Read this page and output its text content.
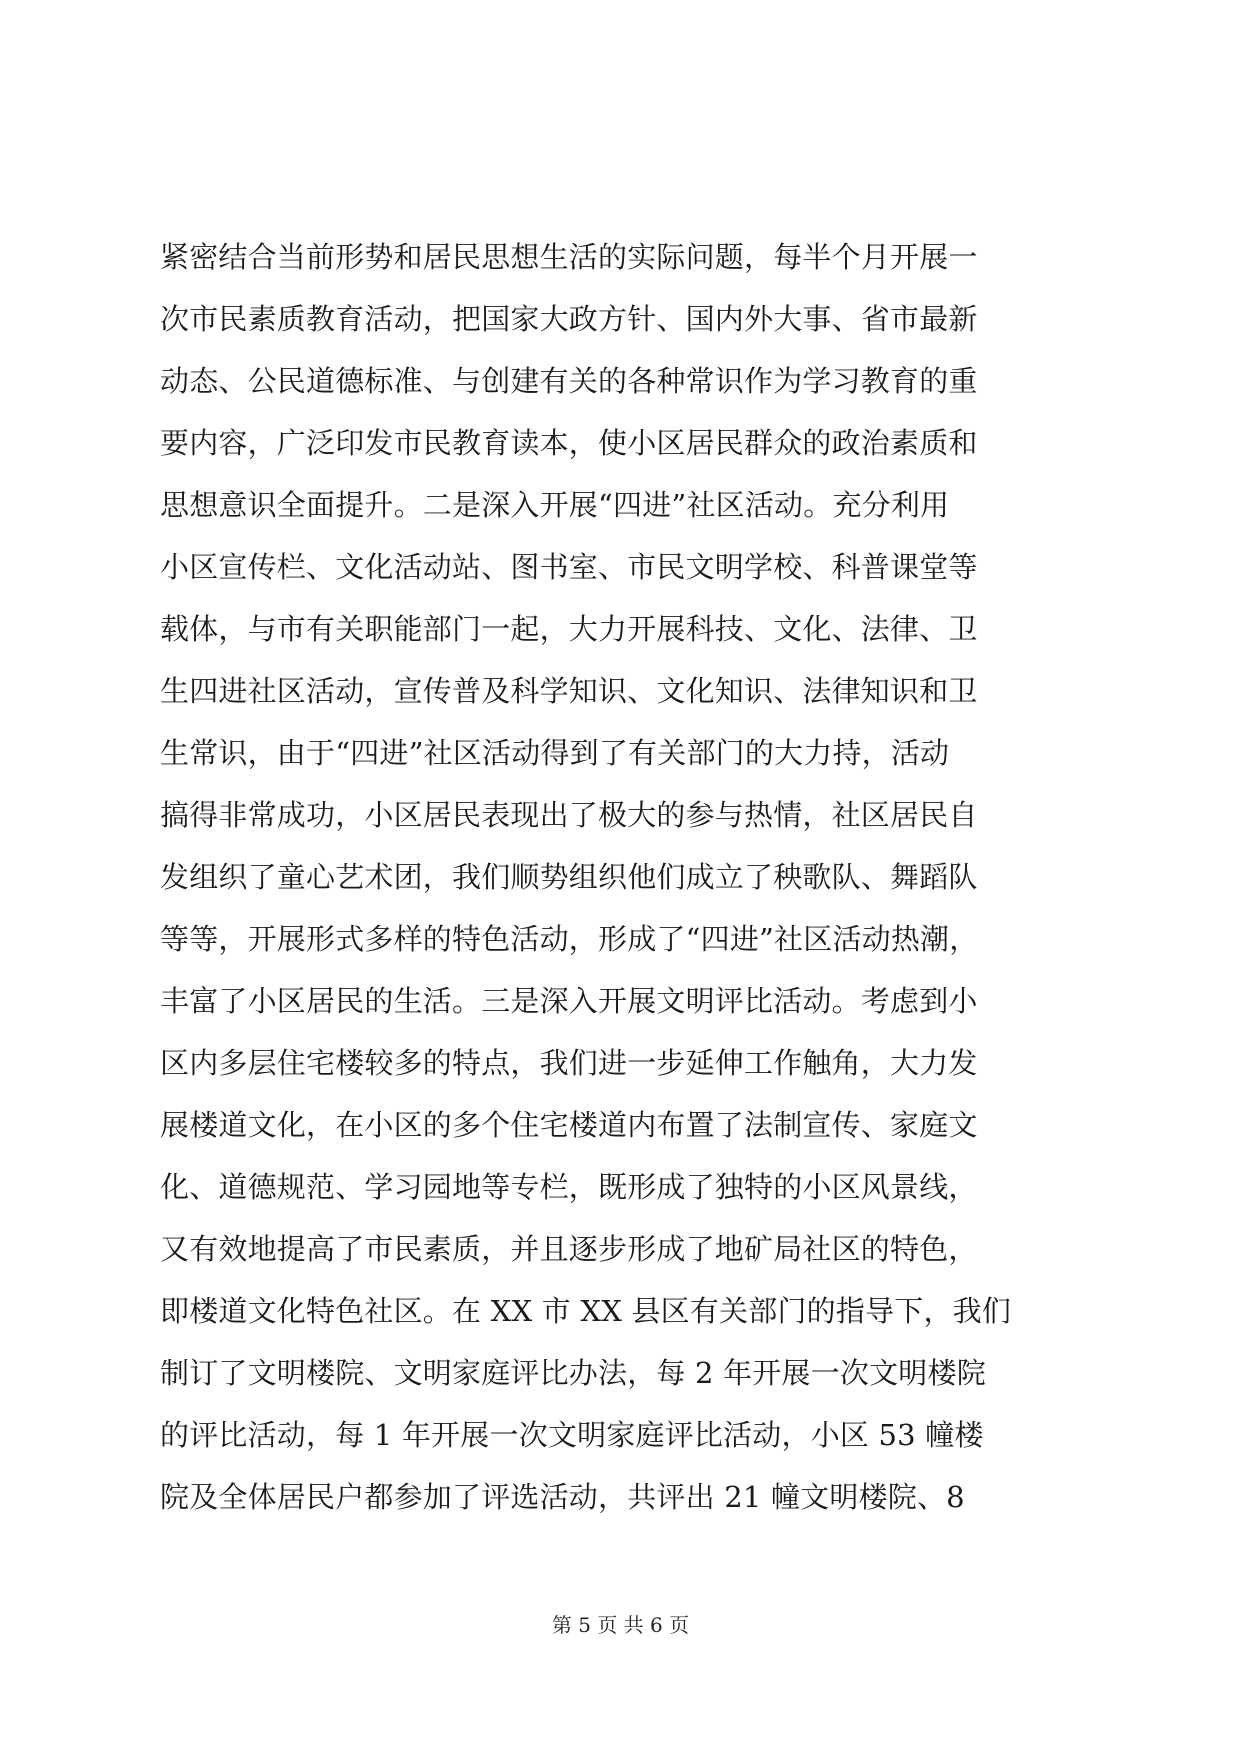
紧密结合当前形势和居民思想生活的实际问题，每半个月开展一
次市民素质教育活动，把国家大政方针、国内外大事、省市最新
动态、公民道德标准、与创建有关的各种常识作为学习教育的重
要内容，广泛印发市民教育读本，使小区居民群众的政治素质和
思想意识全面提升。二是深入开展“四进”社区活动。充分利用
小区宣传栏、文化活动站、图书室、市民文明学校、科普课堂等
载体，与市有关职能部门一起，大力开展科技、文化、法律、卫
生四进社区活动，宣传普及科学知识、文化知识、法律知识和卫
生常识，由于“四进”社区活动得到了有关部门的大力持，活动
搞得非常成功，小区居民表现出了极大的参与热情，社区居民自
发组织了童心艺术团，我们顺势组织他们成立了秧歌队、舞蹈队
等等，开展形式多样的特色活动，形成了“四进”社区活动热潮，
丰富了小区居民的生活。三是深入开展文明评比活动。考虑到小
区内多层住宅楼较多的特点，我们进一步延伸工作触角，大力发
展楼道文化，在小区的多个住宅楼道内布置了法制宣传、家庭文
化、道德规范、学习园地等专栏，既形成了独特的小区风景线，
又有效地提高了市民素质，并且逐步形成了地矿局社区的特色，
即楼道文化特色社区。在 XX 市 XX 县区有关部门的指导下，我们
制订了文明楼院、文明家庭评比办法，每 2 年开展一次文明楼院
的评比活动，每 1 年开展一次文明家庭评比活动，小区 53 幢楼
院及全体居民户都参加了评选活动，共评出 21 幢文明楼院、8
第 5 页 共 6 页
